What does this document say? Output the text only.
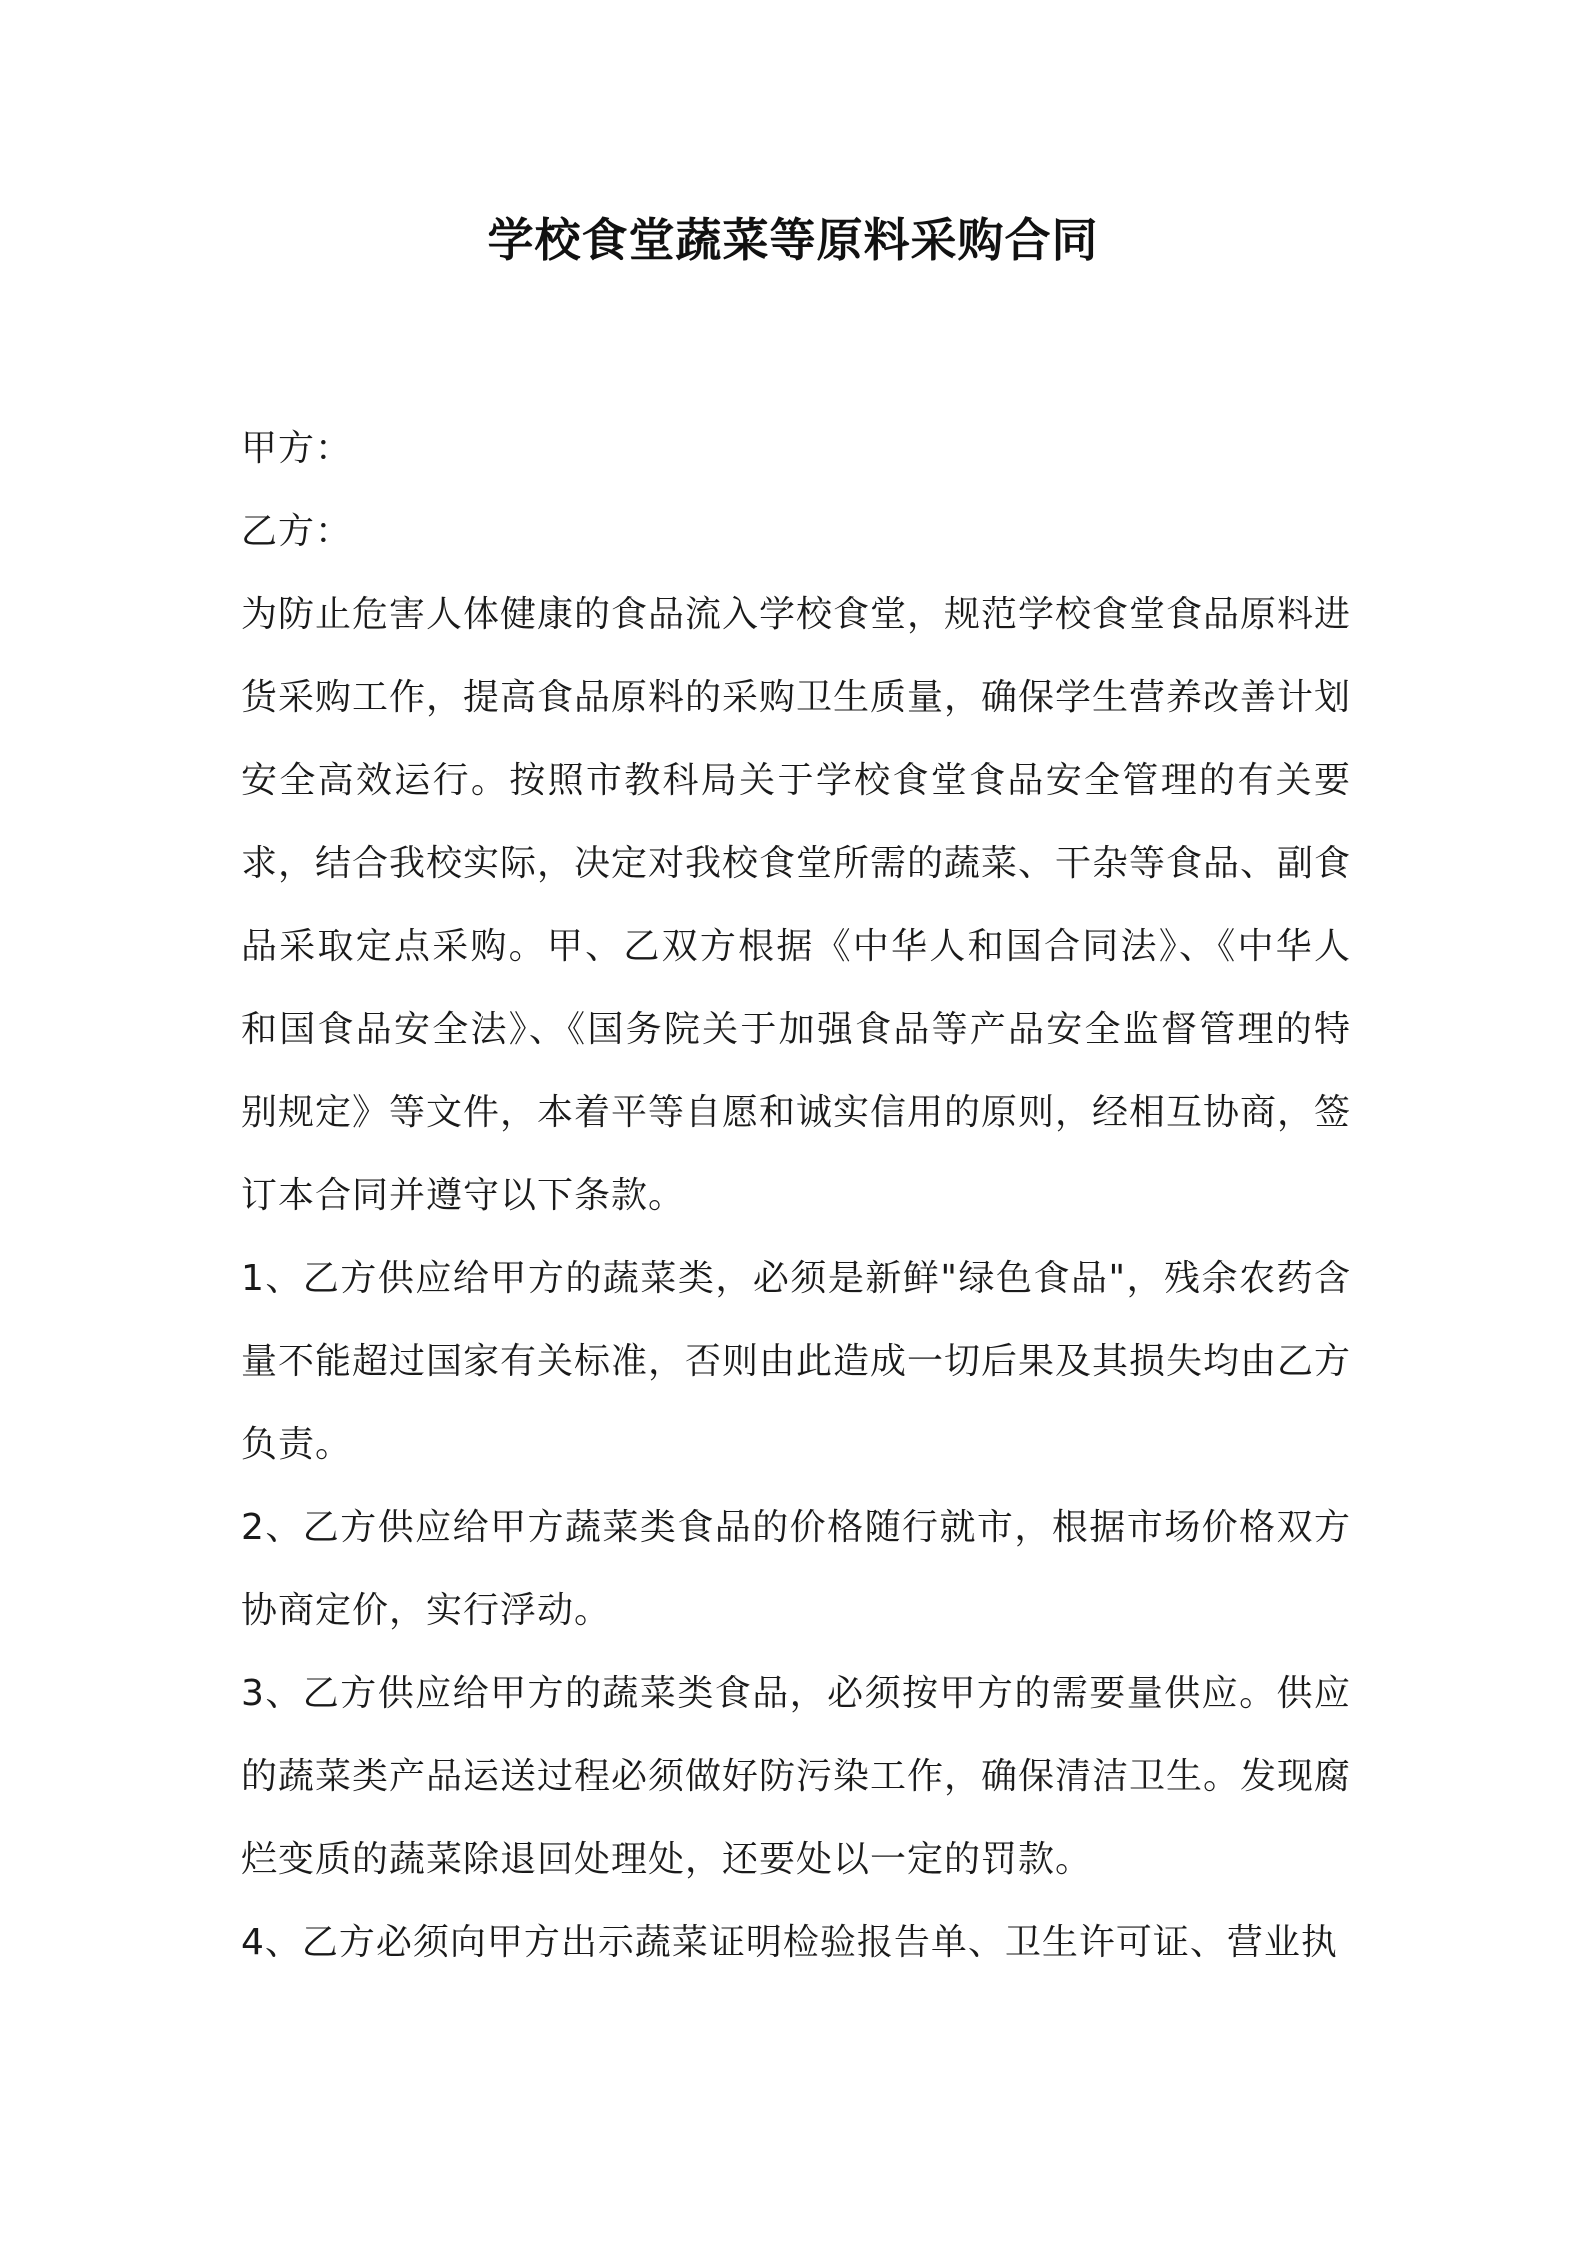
学校食堂蔬菜等原料采购合同

甲方：

乙方：

为防止危害人体健康的食品流入学校食堂，规范学校食堂食品原料进货采购工作，提高食品原料的采购卫生质量，确保学生营养改善计划安全高效运行。按照市教科局关于学校食堂食品安全管理的有关要求，结合我校实际，决定对我校食堂所需的蔬菜、干杂等食品、副食品采取定点采购。甲、乙双方根据《中华人和国合同法》、《中华人和国食品安全法》、《国务院关于加强食品等产品安全监督管理的特别规定》等文件，本着平等自愿和诚实信用的原则，经相互协商，签订本合同并遵守以下条款。

1、乙方供应给甲方的蔬菜类，必须是新鲜"绿色食品"，残余农药含量不能超过国家有关标准，否则由此造成一切后果及其损失均由乙方负责。

2、乙方供应给甲方蔬菜类食品的价格随行就市，根据市场价格双方协商定价，实行浮动。

3、乙方供应给甲方的蔬菜类食品，必须按甲方的需要量供应。供应的蔬菜类产品运送过程必须做好防污染工作，确保清洁卫生。发现腐烂变质的蔬菜除退回处理处，还要处以一定的罚款。

4、乙方必须向甲方出示蔬菜证明检验报告单、卫生许可证、营业执
